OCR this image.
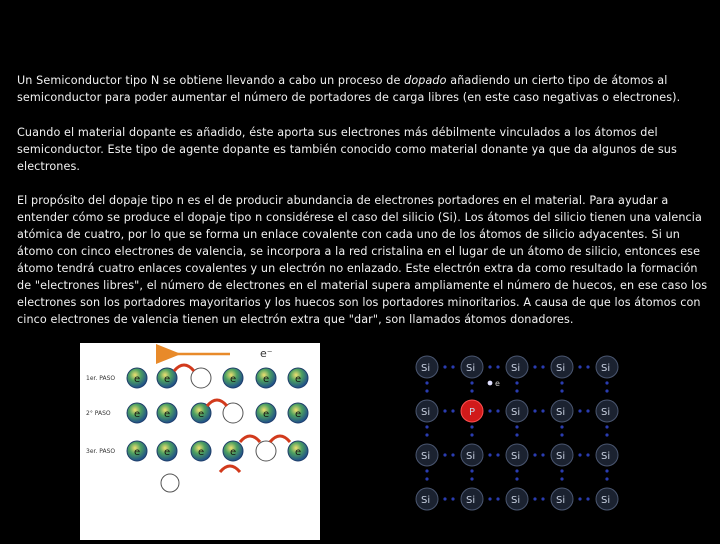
Un Semiconductor tipo N se obtiene llevando a cabo un proceso de dopado añadiendo un cierto tipo de átomos al semiconductor para poder aumentar el número de portadores de carga libres (en este caso negativas o electrones).

Cuando el material dopante es añadido, éste aporta sus electrones más débilmente vinculados a los átomos del semiconductor. Este tipo de agente dopante es también conocido como material donante ya que da algunos de sus electrones.

El propósito del dopaje tipo n es el de producir abundancia de electrones portadores en el material. Para ayudar a entender cómo se produce el dopaje tipo n considérese el caso del silicio (Si). Los átomos del silicio tienen una valencia atómica de cuatro, por lo que se forma un enlace covalente con cada uno de los átomos de silicio adyacentes. Si un átomo con cinco electrones de valencia, se incorpora a la red cristalina en el lugar de un átomo de silicio, entonces ese átomo tendrá cuatro enlaces covalentes y un electrón no enlazado. Este electrón extra da como resultado la formación de "electrones libres", el número de electrones en el material supera ampliamente el número de huecos, en ese caso los electrones son los portadores mayoritarios y los huecos son los portadores minoritarios. A causa de que los átomos con cinco electrones de valencia tienen un electrón extra que "dar", son llamados átomos donadores.

e⁻
1er. PASO
2° PASO
3er. PASO
e e	e	e	e
e e	e	e	e
e e	e	e	e
Si	Si	Si	Si	Si
Si	P	Si	Si	Si
Si	Si	Si	Si	Si
Si	Si	Si	Si	Si
e
